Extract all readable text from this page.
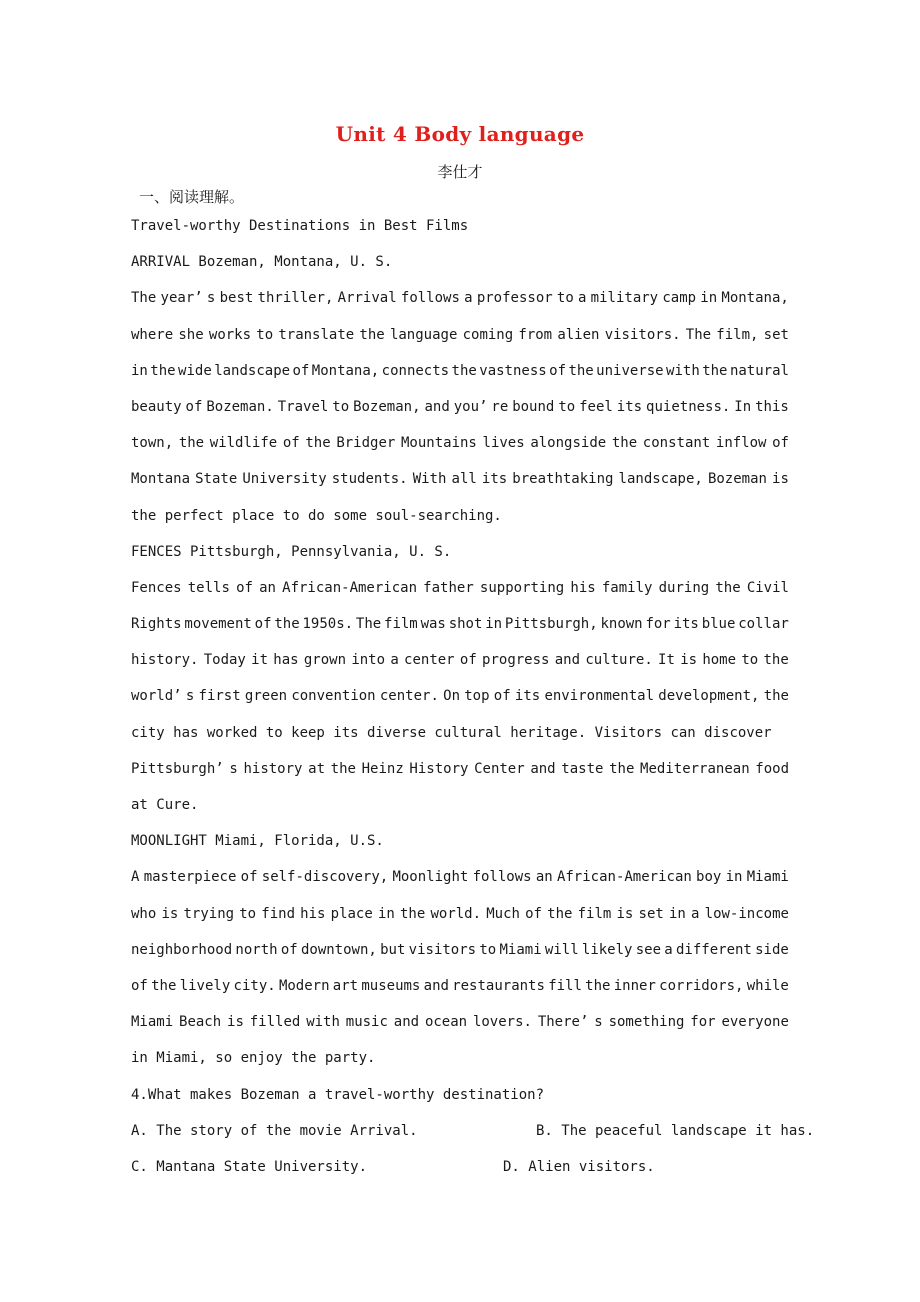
Unit 4 Body language
李仕才
一、阅读理解。
Travel-worthy Destinations in Best Films
ARRIVAL Bozeman, Montana, U. S.
The year’ s best thriller, Arrival follows a professor to a military camp in Montana,
where she works to translate the language coming from alien visitors. The film, set
in the wide landscape of Montana, connects the vastness of the universe with the natural
beauty of Bozeman. Travel to Bozeman, and you’ re bound to feel its quietness. In this
town, the wildlife of the Bridger Mountains lives alongside the constant inflow of
Montana State University students. With all its breathtaking landscape, Bozeman is
the perfect place to do some soul-searching.
FENCES Pittsburgh, Pennsylvania, U. S.
Fences tells of an African-American father supporting his family during the Civil
Rights movement of the 1950s. The film was shot in Pittsburgh, known for its blue collar
history. Today it has grown into a center of progress and culture. It is home to the
world’ s first green convention center. On top of its environmental development, the
city has worked to keep its diverse cultural heritage. Visitors can discover
Pittsburgh’ s history at the Heinz History Center and taste the Mediterranean food
at Cure.
MOONLIGHT Miami, Florida, U.S.
A masterpiece of self-discovery, Moonlight follows an African-American boy in Miami
who is trying to find his place in the world. Much of the film is set in a low-income
neighborhood north of downtown, but visitors to Miami will likely see a different side
of the lively city. Modern art museums and restaurants fill the inner corridors, while
Miami Beach is filled with music and ocean lovers. There’ s something for everyone
in Miami, so enjoy the party.
4.What makes Bozeman a travel-worthy destination?
A. The story of the movie Arrival.	B. The peaceful landscape it has.
C. Mantana State University.	D. Alien visitors.
